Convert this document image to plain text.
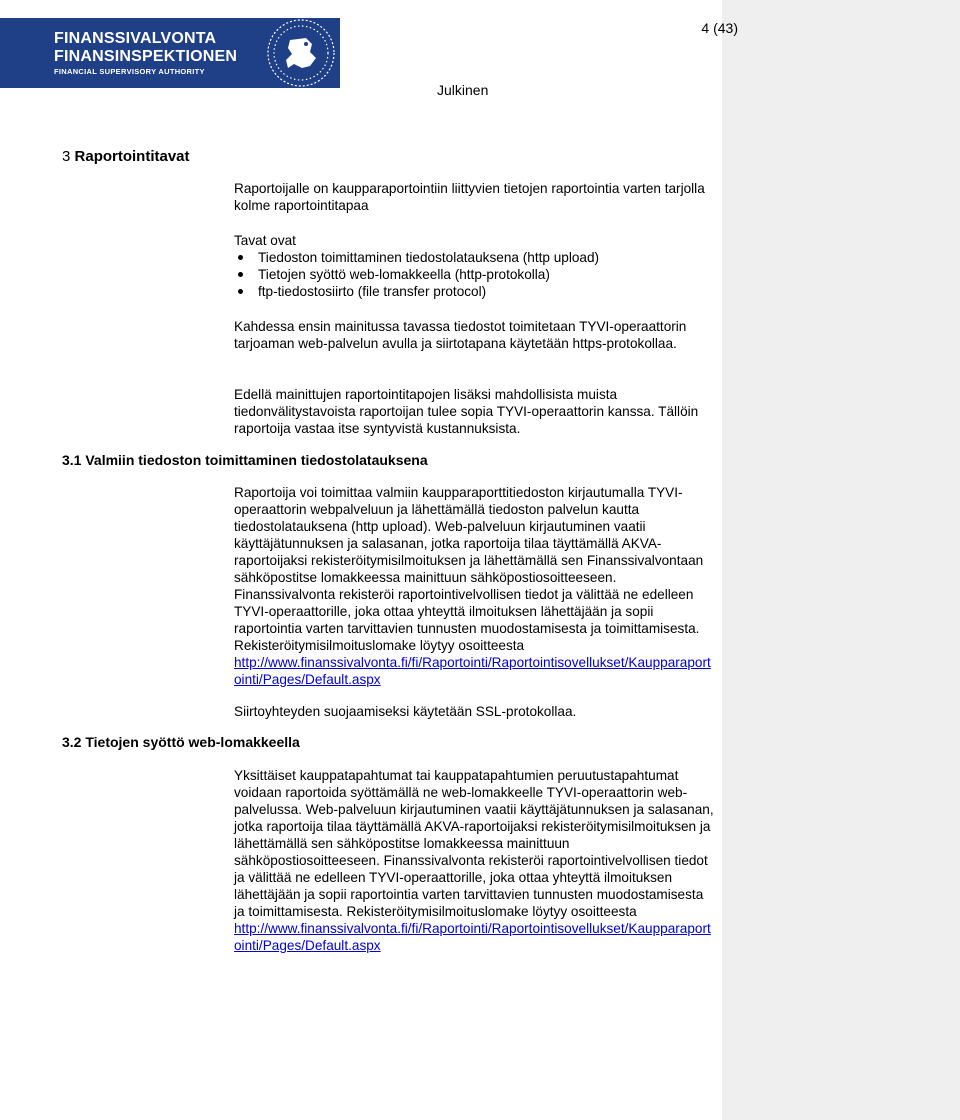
FINANSSIVALVONTA
FINANSINSPEKTIONEN
FINANCIAL SUPERVISORY AUTHORITY
4 (43)
Julkinen
3 Raportointitavat

Raportoijalle on kaupparaportointiin liittyvien tietojen raportointia varten tarjolla kolme raportointitapaa

Tavat ovat

Tiedoston toimittaminen tiedostolatauksena (http upload)
Tietojen syöttö web-lomakkeella (http-protokolla)
ftp-tiedostosiirto (file transfer protocol)

Kahdessa ensin mainitussa tavassa tiedostot toimitetaan TYVI-operaattorin tarjoaman web-palvelun avulla ja siirtotapana käytetään https-protokollaa.

Edellä mainittujen raportointitapojen lisäksi mahdollisista muista tiedonvälitystavoista raportoijan tulee sopia TYVI-operaattorin kanssa. Tällöin raportoija vastaa itse syntyvistä kustannuksista.

3.1 Valmiin tiedoston toimittaminen tiedostolatauksena

Raportoija voi toimittaa valmiin kaupparaporttitiedoston kirjautumalla TYVI-operaattorin webpalveluun ja lähettämällä tiedoston palvelun kautta tiedostolatauksena (http upload). Web-palveluun kirjautuminen vaatii käyttäjätunnuksen ja salasanan, jotka raportoija tilaa täyttämällä AKVA-raportoijaksi rekisteröitymisilmoituksen ja lähettämällä sen Finanssivalvontaan sähköpostitse lomakkeessa mainittuun sähköpostiosoitteeseen. Finanssivalvonta rekisteröi raportointivelvollisen tiedot ja välittää ne edelleen TYVI-operaattorille, joka ottaa yhteyttä ilmoituksen lähettäjään ja sopii raportointia varten tarvittavien tunnusten muodostamisesta ja toimittamisesta. Rekisteröitymisilmoituslomake löytyy osoitteesta
http://www.finanssivalvonta.fi/fi/Raportointi/Raportointisovellukset/Kaupparaportointi/Pages/Default.aspx

Siirtoyhteyden suojaamiseksi käytetään SSL-protokollaa.

3.2 Tietojen syöttö web-lomakkeella

Yksittäiset kauppatapahtumat tai kauppatapahtumien peruutustapahtumat voidaan raportoida syöttämällä ne web-lomakkeelle TYVI-operaattorin web-palvelussa. Web-palveluun kirjautuminen vaatii käyttäjätunnuksen ja salasanan, jotka raportoija tilaa täyttämällä AKVA-raportoijaksi rekisteröitymisilmoituksen ja lähettämällä sen sähköpostitse lomakkeessa mainittuun sähköpostiosoitteeseen. Finanssivalvonta rekisteröi raportointivelvollisen tiedot ja välittää ne edelleen TYVI-operaattorille, joka ottaa yhteyttä ilmoituksen lähettäjään ja sopii raportointia varten tarvittavien tunnusten muodostamisesta ja toimittamisesta. Rekisteröitymisilmoituslomake löytyy osoitteesta
http://www.finanssivalvonta.fi/fi/Raportointi/Raportointisovellukset/Kaupparaportointi/Pages/Default.aspx
